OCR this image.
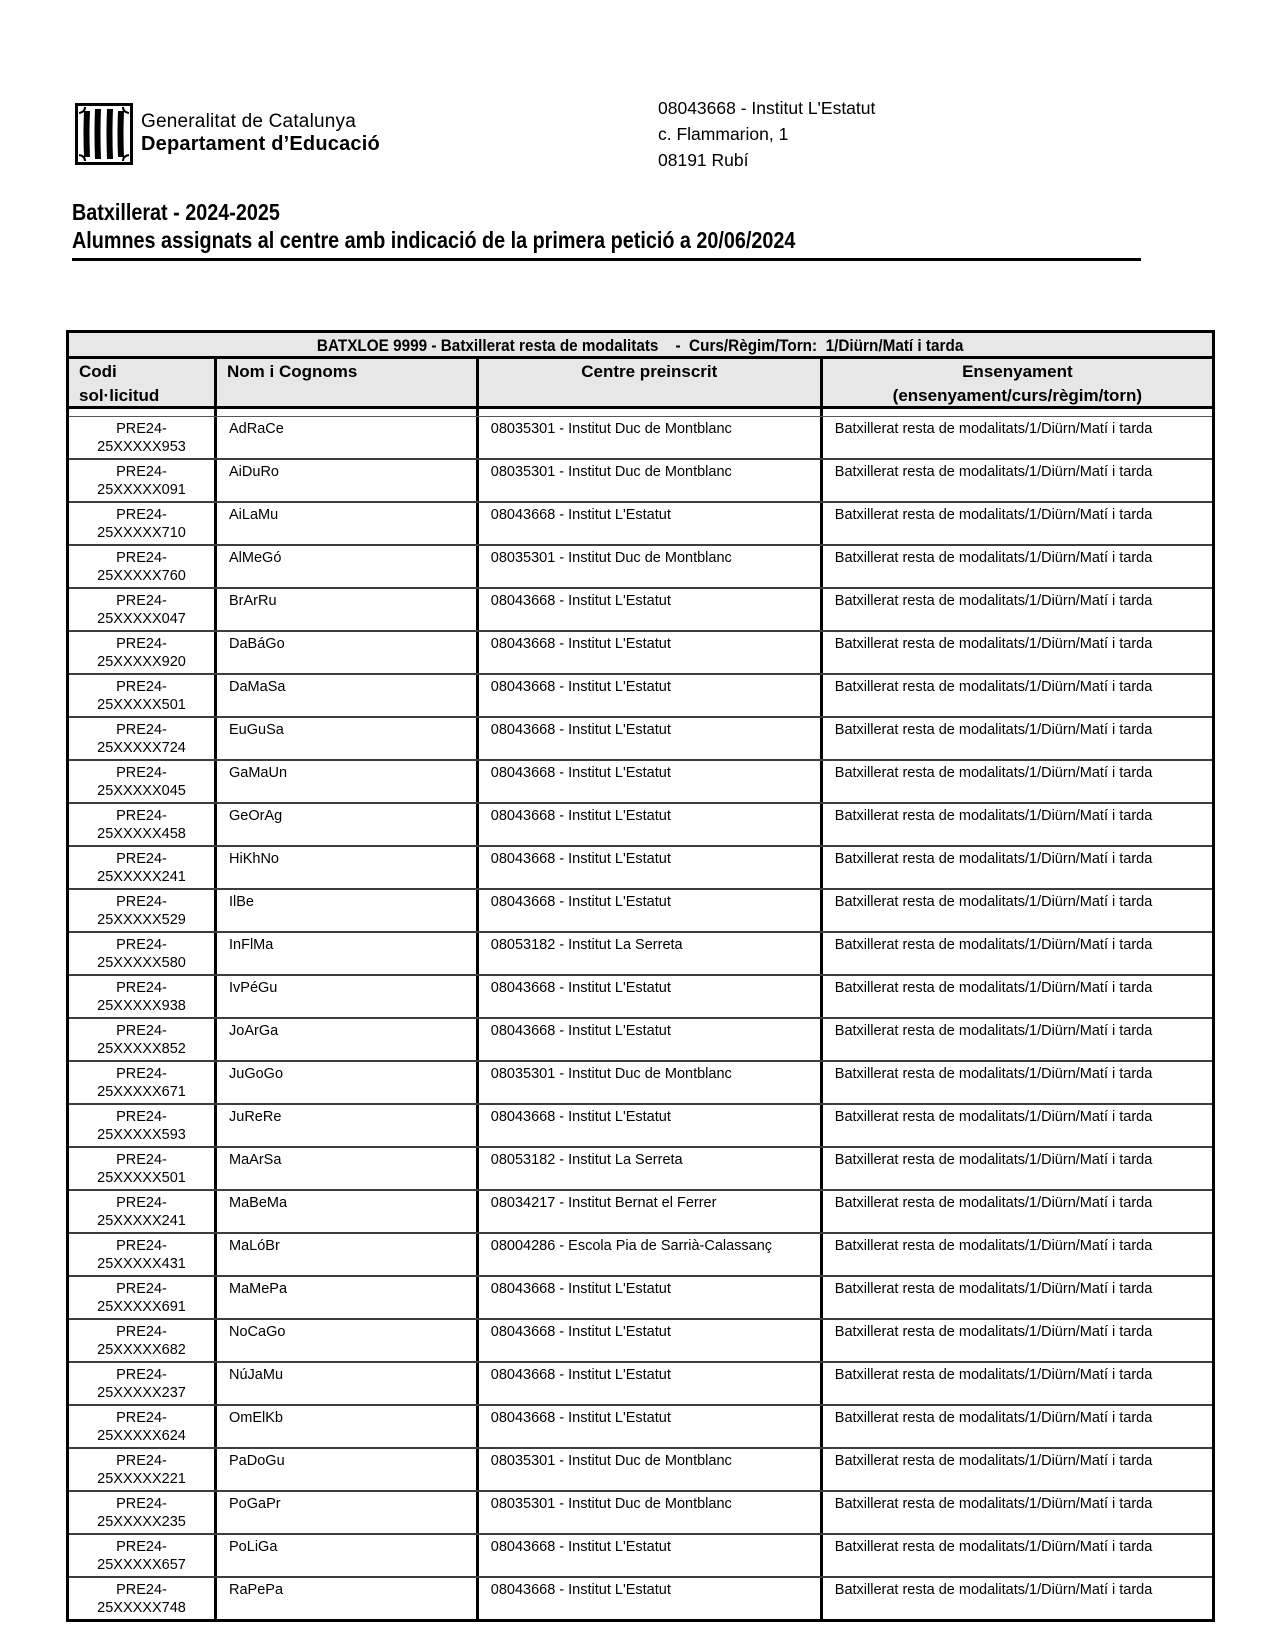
Generalitat de Catalunya
Departament d’Educació
08043668 - Institut L'Estatut
c. Flammarion, 1
08191 Rubí
Batxillerat - 2024-2025
Alumnes assignats al centre amb indicació de la primera petició a 20/06/2024
BATXLOE 9999 - Batxillerat resta de modalitats    -  Curs/Règim/Torn:  1/Diürn/Matí i tarda
Codi
sol·licitud
Nom i Cognoms	Centre preinscrit	Ensenyament
(ensenyament/curs/règim/torn)
PRE24-
25XXXXX953
AdRaCe	08035301 - Institut Duc de Montblanc	Batxillerat resta de modalitats/1/Diürn/Matí i tarda
PRE24-
25XXXXX091
AiDuRo	08035301 - Institut Duc de Montblanc	Batxillerat resta de modalitats/1/Diürn/Matí i tarda
PRE24-
25XXXXX710
AiLaMu	08043668 - Institut L'Estatut	Batxillerat resta de modalitats/1/Diürn/Matí i tarda
PRE24-
25XXXXX760
AlMeGó	08035301 - Institut Duc de Montblanc	Batxillerat resta de modalitats/1/Diürn/Matí i tarda
PRE24-
25XXXXX047
BrArRu	08043668 - Institut L'Estatut	Batxillerat resta de modalitats/1/Diürn/Matí i tarda
PRE24-
25XXXXX920
DaBáGo	08043668 - Institut L'Estatut	Batxillerat resta de modalitats/1/Diürn/Matí i tarda
PRE24-
25XXXXX501
DaMaSa	08043668 - Institut L'Estatut	Batxillerat resta de modalitats/1/Diürn/Matí i tarda
PRE24-
25XXXXX724
EuGuSa	08043668 - Institut L'Estatut	Batxillerat resta de modalitats/1/Diürn/Matí i tarda
PRE24-
25XXXXX045
GaMaUn	08043668 - Institut L'Estatut	Batxillerat resta de modalitats/1/Diürn/Matí i tarda
PRE24-
25XXXXX458
GeOrAg	08043668 - Institut L'Estatut	Batxillerat resta de modalitats/1/Diürn/Matí i tarda
PRE24-
25XXXXX241
HiKhNo	08043668 - Institut L'Estatut	Batxillerat resta de modalitats/1/Diürn/Matí i tarda
PRE24-
25XXXXX529
IlBe	08043668 - Institut L'Estatut	Batxillerat resta de modalitats/1/Diürn/Matí i tarda
PRE24-
25XXXXX580
InFlMa	08053182 - Institut La Serreta	Batxillerat resta de modalitats/1/Diürn/Matí i tarda
PRE24-
25XXXXX938
IvPéGu	08043668 - Institut L'Estatut	Batxillerat resta de modalitats/1/Diürn/Matí i tarda
PRE24-
25XXXXX852
JoArGa	08043668 - Institut L'Estatut	Batxillerat resta de modalitats/1/Diürn/Matí i tarda
PRE24-
25XXXXX671
JuGoGo	08035301 - Institut Duc de Montblanc	Batxillerat resta de modalitats/1/Diürn/Matí i tarda
PRE24-
25XXXXX593
JuReRe	08043668 - Institut L'Estatut	Batxillerat resta de modalitats/1/Diürn/Matí i tarda
PRE24-
25XXXXX501
MaArSa	08053182 - Institut La Serreta	Batxillerat resta de modalitats/1/Diürn/Matí i tarda
PRE24-
25XXXXX241
MaBeMa	08034217 - Institut Bernat el Ferrer	Batxillerat resta de modalitats/1/Diürn/Matí i tarda
PRE24-
25XXXXX431
MaLóBr	08004286 - Escola Pia de Sarrià-Calassanç	Batxillerat resta de modalitats/1/Diürn/Matí i tarda
PRE24-
25XXXXX691
MaMePa	08043668 - Institut L'Estatut	Batxillerat resta de modalitats/1/Diürn/Matí i tarda
PRE24-
25XXXXX682
NoCaGo	08043668 - Institut L'Estatut	Batxillerat resta de modalitats/1/Diürn/Matí i tarda
PRE24-
25XXXXX237
NúJaMu	08043668 - Institut L'Estatut	Batxillerat resta de modalitats/1/Diürn/Matí i tarda
PRE24-
25XXXXX624
OmElKb	08043668 - Institut L'Estatut	Batxillerat resta de modalitats/1/Diürn/Matí i tarda
PRE24-
25XXXXX221
PaDoGu	08035301 - Institut Duc de Montblanc	Batxillerat resta de modalitats/1/Diürn/Matí i tarda
PRE24-
25XXXXX235
PoGaPr	08035301 - Institut Duc de Montblanc	Batxillerat resta de modalitats/1/Diürn/Matí i tarda
PRE24-
25XXXXX657
PoLiGa	08043668 - Institut L'Estatut	Batxillerat resta de modalitats/1/Diürn/Matí i tarda
PRE24-
25XXXXX748
RaPePa	08043668 - Institut L'Estatut	Batxillerat resta de modalitats/1/Diürn/Matí i tarda
